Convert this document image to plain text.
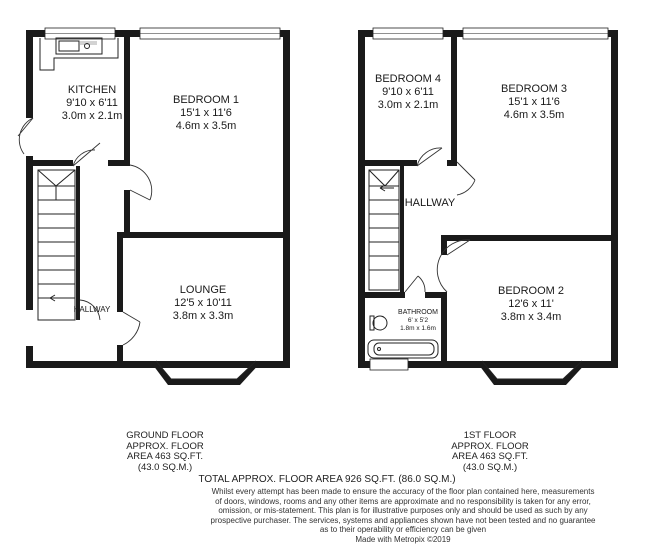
KITCHEN
9'10 x 6'11
3.0m x 2.1m
BEDROOM 1
15'1 x 11'6
4.6m x 3.5m
LOUNGE
12'5 x 10'11
3.8m x 3.3m
HALLWAY
BEDROOM 4
9'10 x 6'11
3.0m x 2.1m
BEDROOM 3
15'1 x 11'6
4.6m x 3.5m
HALLWAY
BATHROOM
6' x 5'2
1.8m x 1.6m
BEDROOM 2
12'6 x 11'
3.8m x 3.4m
GROUND FLOOR
APPROX. FLOOR
AREA 463 SQ.FT.
(43.0 SQ.M.)
1ST FLOOR
APPROX. FLOOR
AREA 463 SQ.FT.
(43.0 SQ.M.)
TOTAL APPROX. FLOOR AREA 926 SQ.FT. (86.0 SQ.M.)
Whilst every attempt has been made to ensure the accuracy of the floor plan contained here, measurements
of doors, windows, rooms and any other items are approximate and no responsibility is taken for any error,
omission, or mis-statement. This plan is for illustrative purposes only and should be used as such by any
prospective purchaser. The services, systems and appliances shown have not been tested and no guarantee
as to their operability or efficiency can be given
Made with Metropix ©2019
